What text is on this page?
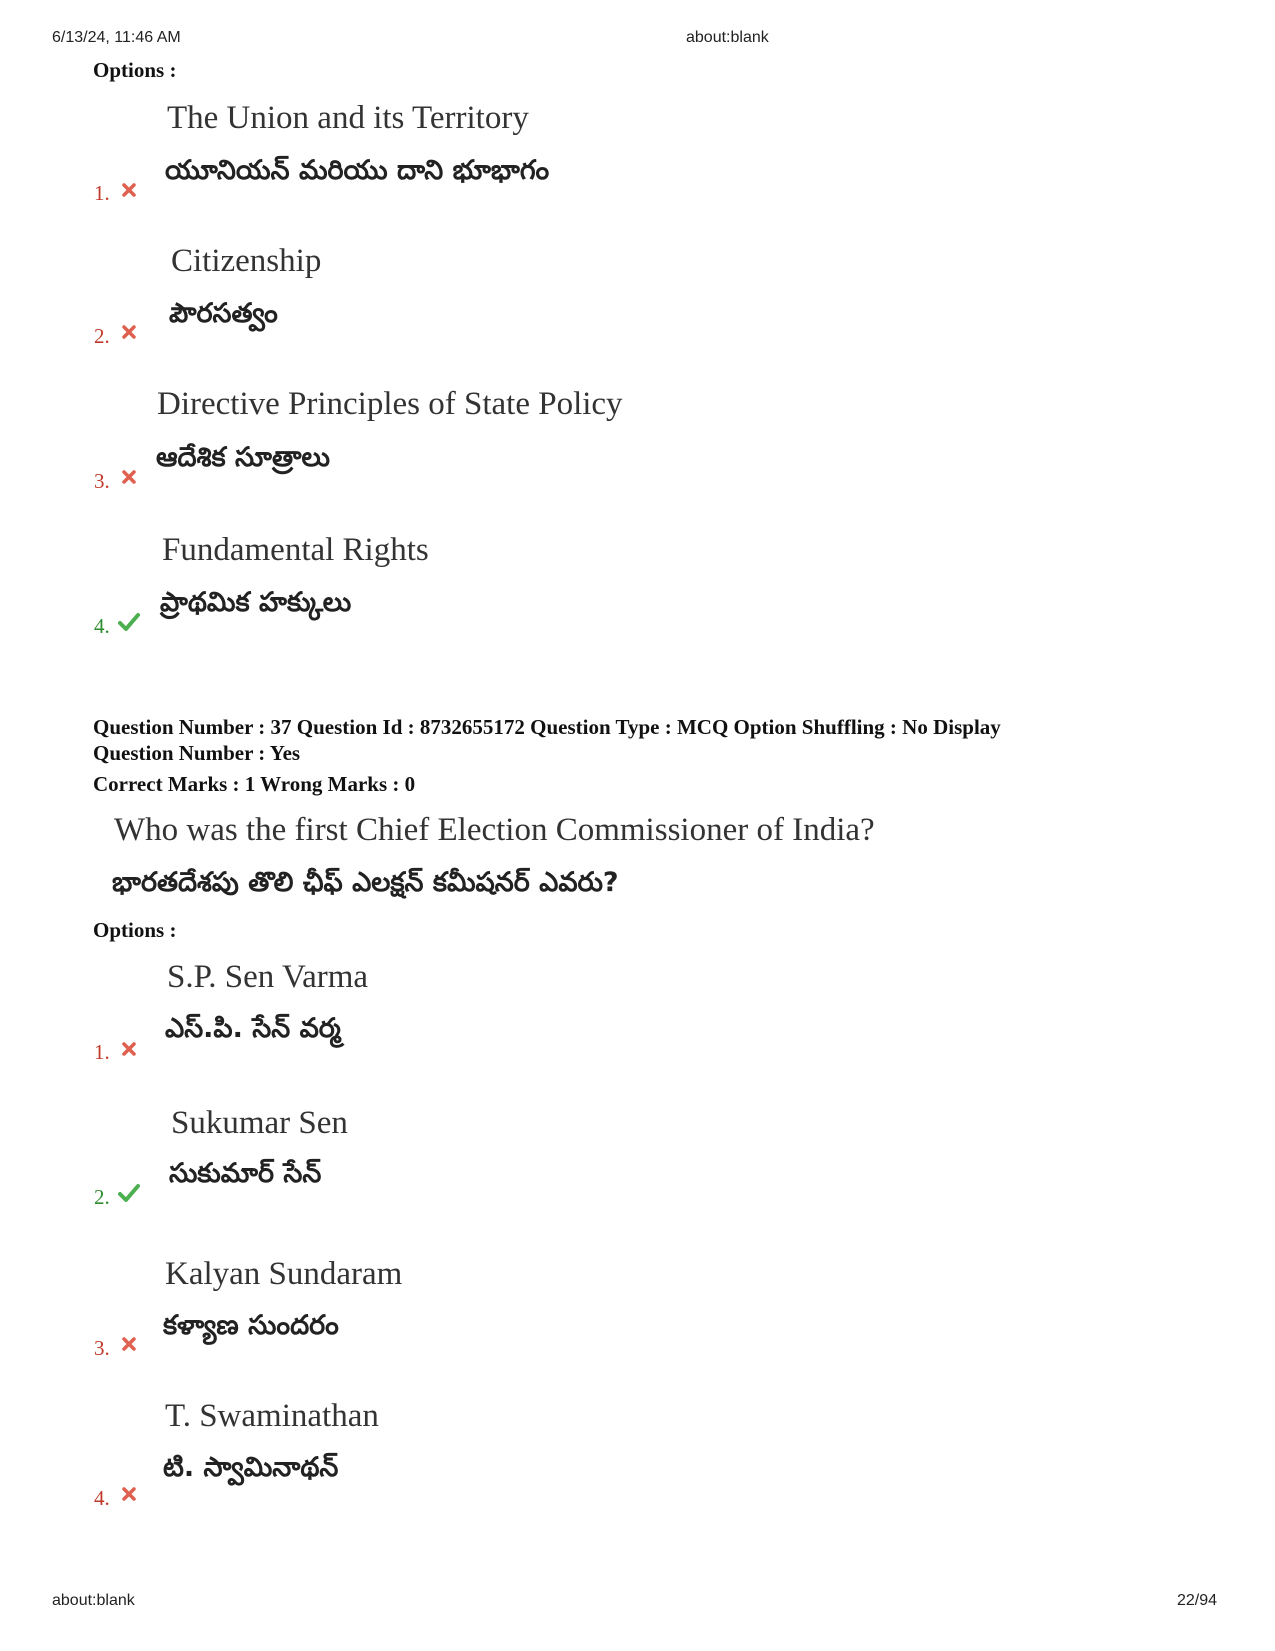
6/13/24, 11:46 AM	about:blank
Options :
The Union and its Territory
యూనియన్ మరియు దాని భూభాగం
1.
Citizenship
పౌరసత్వం
2.
Directive Principles of State Policy
ఆదేశిక సూత్రాలు
3.
Fundamental Rights
ప్రాథమిక హక్కులు
4.
Question Number : 37 Question Id : 8732655172 Question Type : MCQ Option Shuffling : No Display
Question Number : Yes
Correct Marks : 1 Wrong Marks : 0
Who was the first Chief Election Commissioner of India?
భారతదేశపు తొలి ఛీఫ్ ఎలక్షన్ కమీషనర్ ఎవరు?
Options :
S.P. Sen Varma
ఎస్.పి. సేన్ వర్మ
1.
Sukumar Sen
సుకుమార్ సేన్
2.
Kalyan Sundaram
కళ్యాణ సుందరం
3.
T. Swaminathan
టి. స్వామినాథన్
4.
about:blank	22/94
